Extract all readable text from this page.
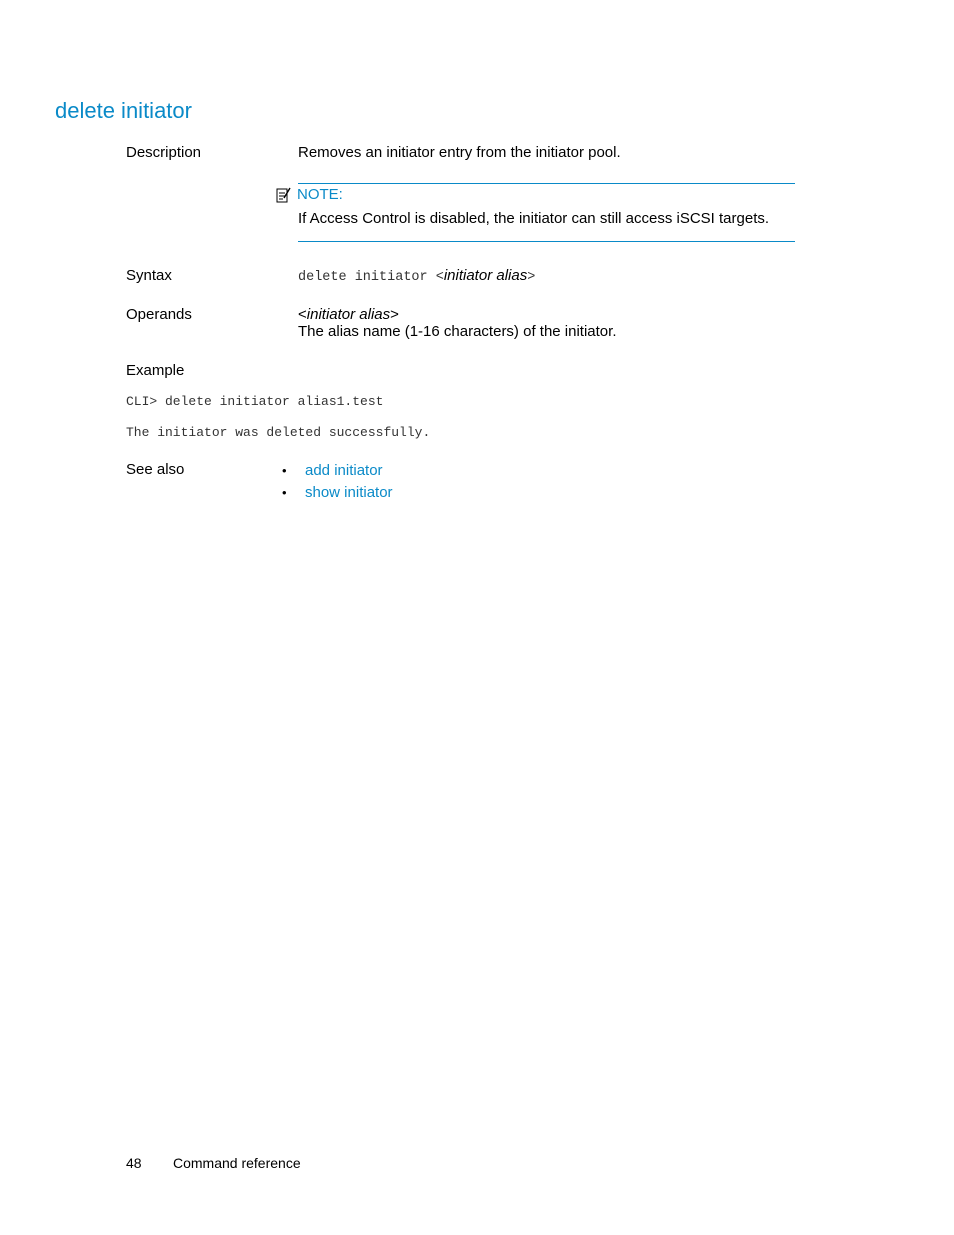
delete initiator
Description	Removes an initiator entry from the initiator pool.
NOTE:
If Access Control is disabled, the initiator can still access iSCSI targets.
Syntax	delete initiator <initiator alias>
Operands	<initiator alias>
The alias name (1-16 characters) of the initiator.
Example
CLI> delete initiator alias1.test
The initiator was deleted successfully.
See also	•	add initiator
•	show initiator
48 Command reference
